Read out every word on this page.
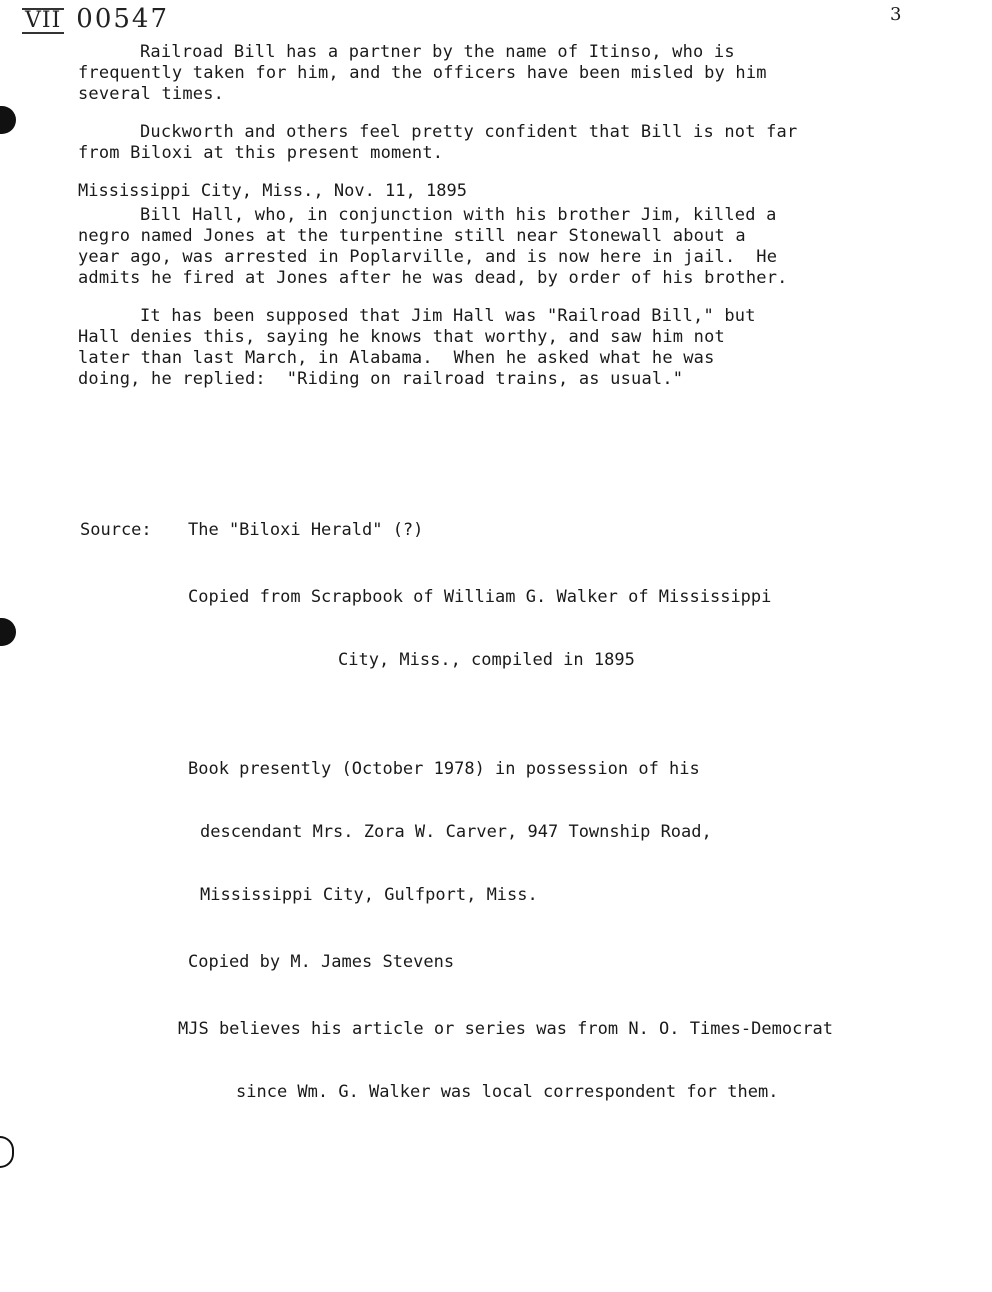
VII 00547	3
Railroad Bill has a partner by the name of Itinso, who is
frequently taken for him, and the officers have been misled by him
several times.
Duckworth and others feel pretty confident that Bill is not far
from Biloxi at this present moment.
Mississippi City, Miss., Nov. 11, 1895
Bill Hall, who, in conjunction with his brother Jim, killed a
negro named Jones at the turpentine still near Stonewall about a
year ago, was arrested in Poplarville, and is now here in jail.  He
admits he fired at Jones after he was dead, by order of his brother.
It has been supposed that Jim Hall was "Railroad Bill," but
Hall denies this, saying he knows that worthy, and saw him not
later than last March, in Alabama.  When he asked what he was
doing, he replied:  "Riding on railroad trains, as usual."
Source: The "Biloxi Herald" (?)

Copied from Scrapbook of William G. Walker of Mississippi

City, Miss., compiled in 1895

Book presently (October 1978) in possession of his

descendant Mrs. Zora W. Carver, 947 Township Road,

Mississippi City, Gulfport, Miss.

Copied by M. James Stevens

MJS believes his article or series was from N. O. Times-Democrat

since Wm. G. Walker was local correspondent for them.
